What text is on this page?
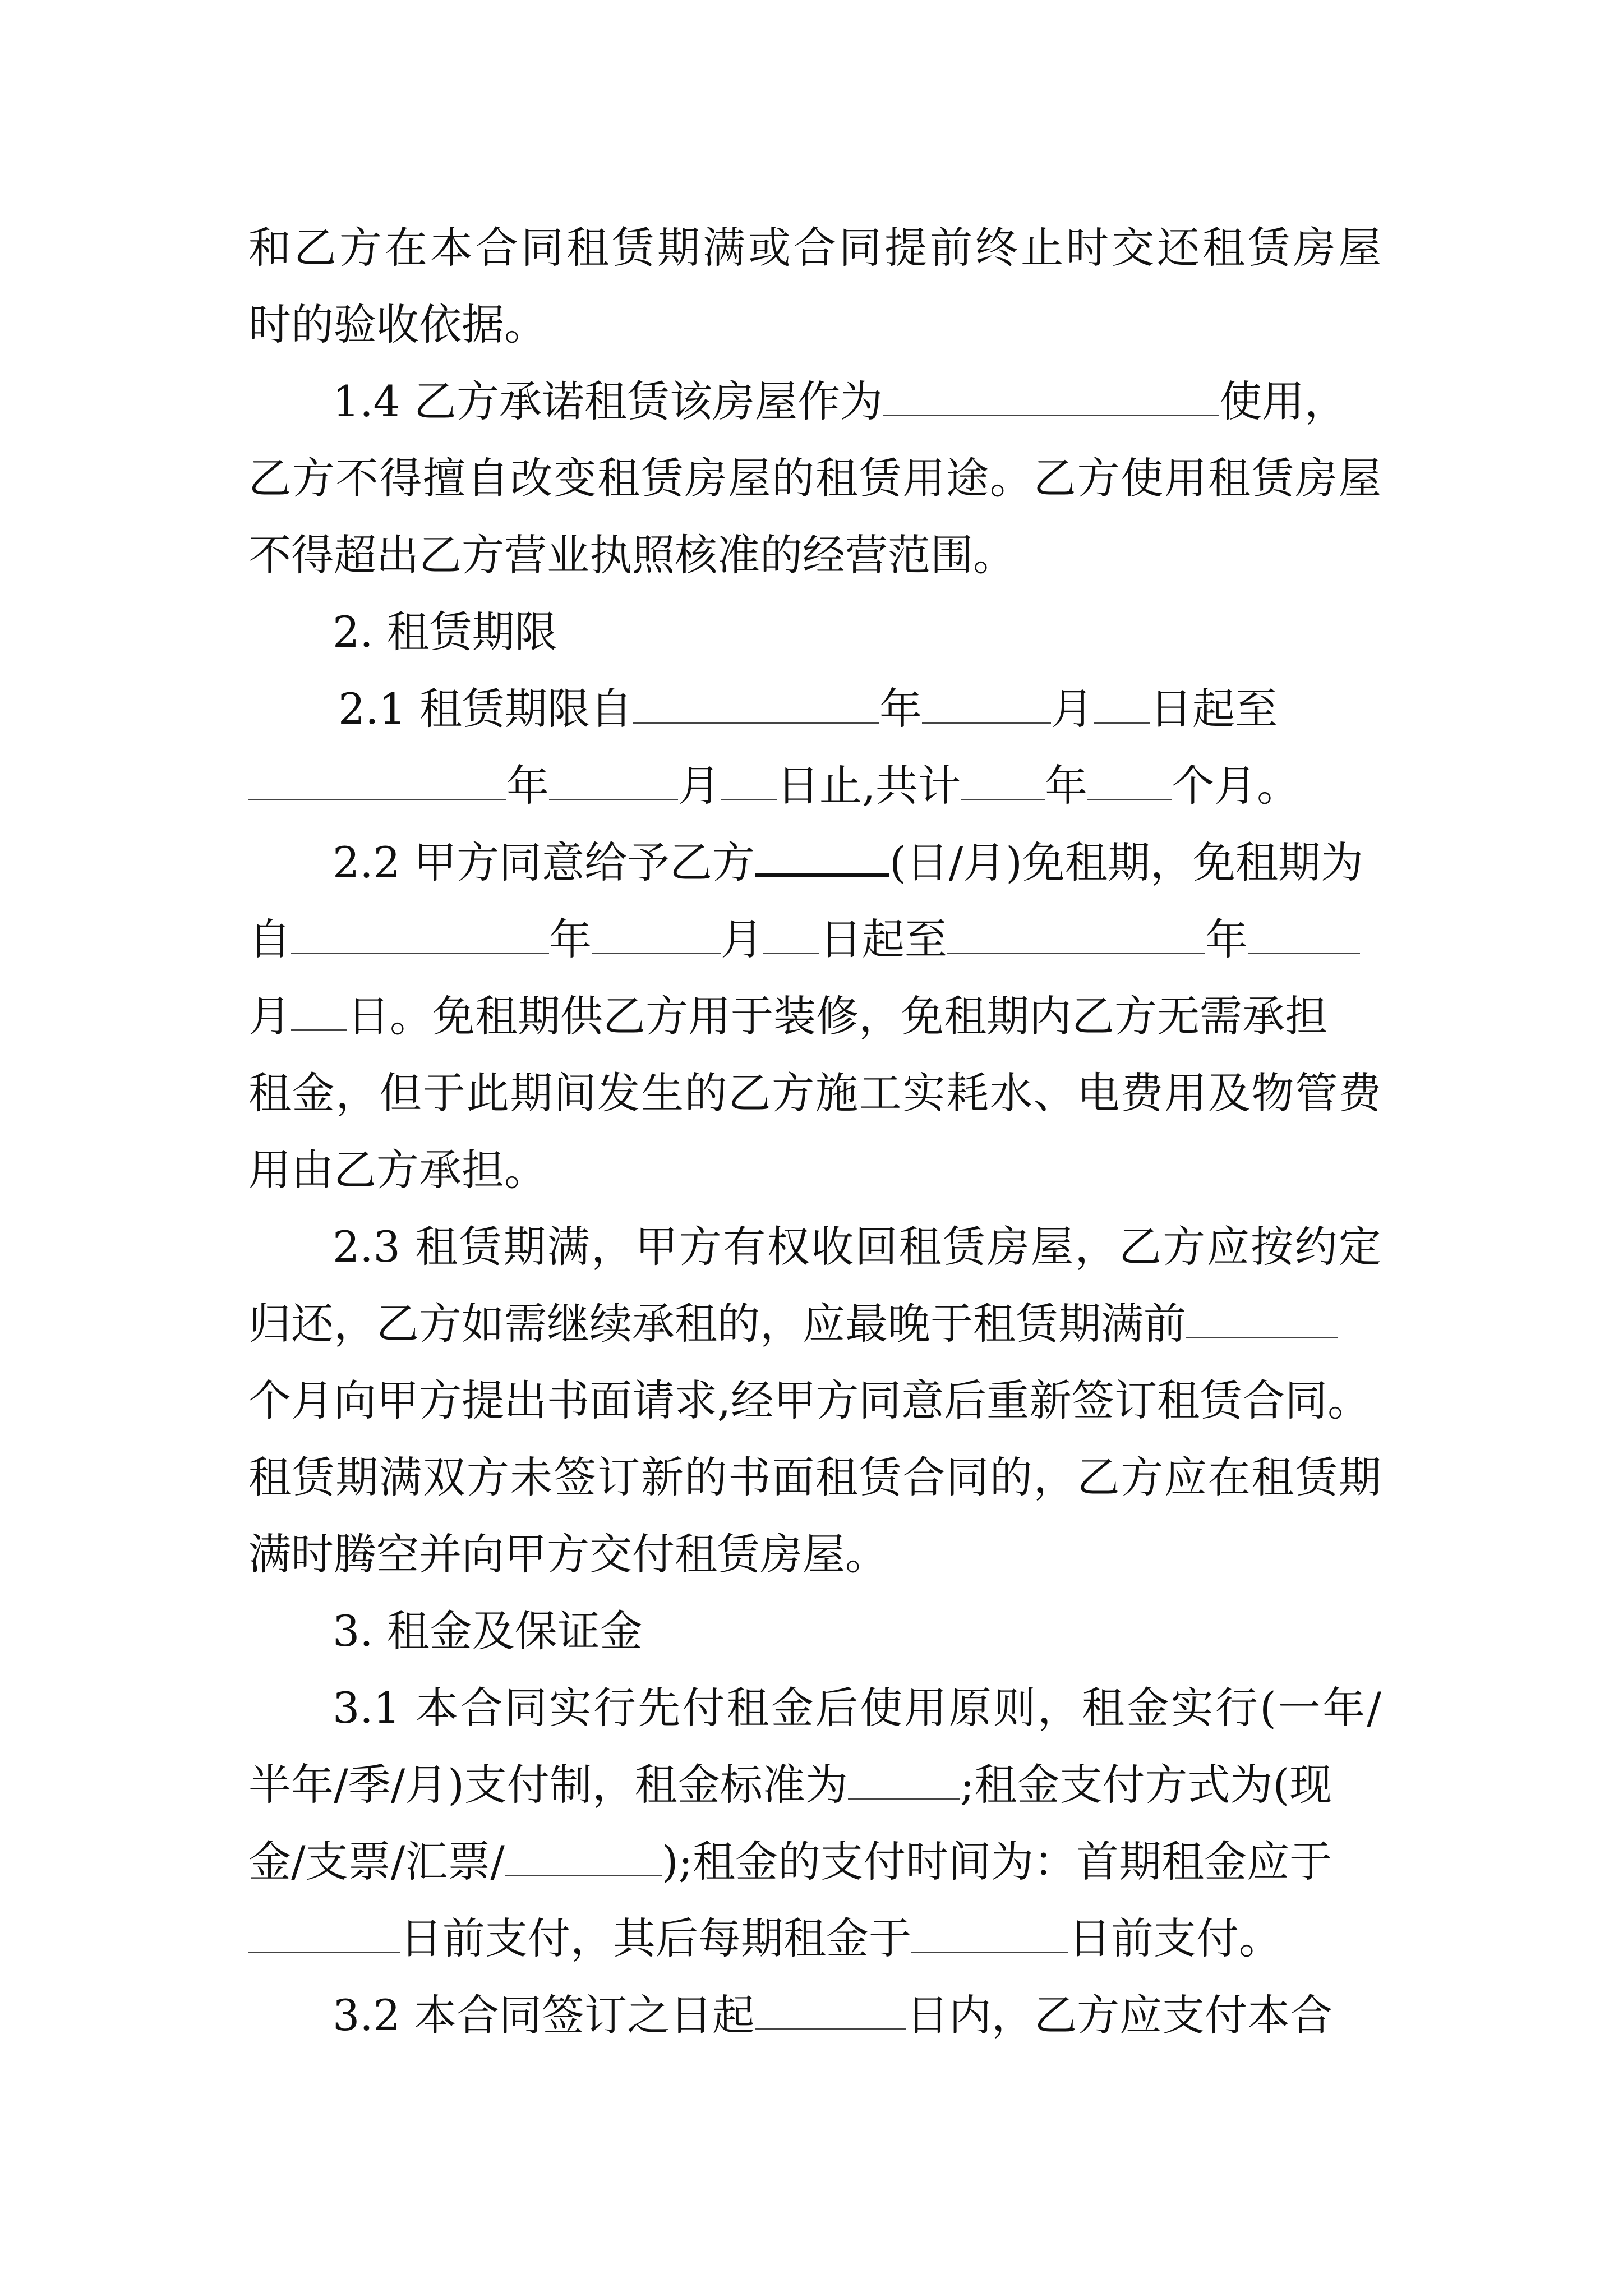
和乙方在本合同租赁期满或合同提前终止时交还租赁房屋
时的验收依据。
1.4 乙方承诺租赁该房屋作为	使用，
乙方不得擅自改变租赁房屋的租赁用途。乙方使用租赁房屋
不得超出乙方营业执照核准的经营范围。
2. 租赁期限
2.1 租赁期限自	年	月 日起至
年	月 日止,共计 年 个月。
2.2 甲方同意给予乙方	(日/月)免租期，免租期为
自	年	月 日起至	年
月 日。免租期供乙方用于装修，免租期内乙方无需承担
租金，但于此期间发生的乙方施工实耗水、电费用及物管费
用由乙方承担。
2.3 租赁期满，甲方有权收回租赁房屋，乙方应按约定
归还，乙方如需继续承租的，应最晚于租赁期满前
个月向甲方提出书面请求,经甲方同意后重新签订租赁合同。
租赁期满双方未签订新的书面租赁合同的，乙方应在租赁期
满时腾空并向甲方交付租赁房屋。
3. 租金及保证金
3.1 本合同实行先付租金后使用原则，租金实行(一年/
半年/季/月)支付制，租金标准为	;租金支付方式为(现
金/支票/汇票/	);租金的支付时间为：首期租金应于
日前支付，其后每期租金于	日前支付。
3.2 本合同签订之日起	日内，乙方应支付本合
